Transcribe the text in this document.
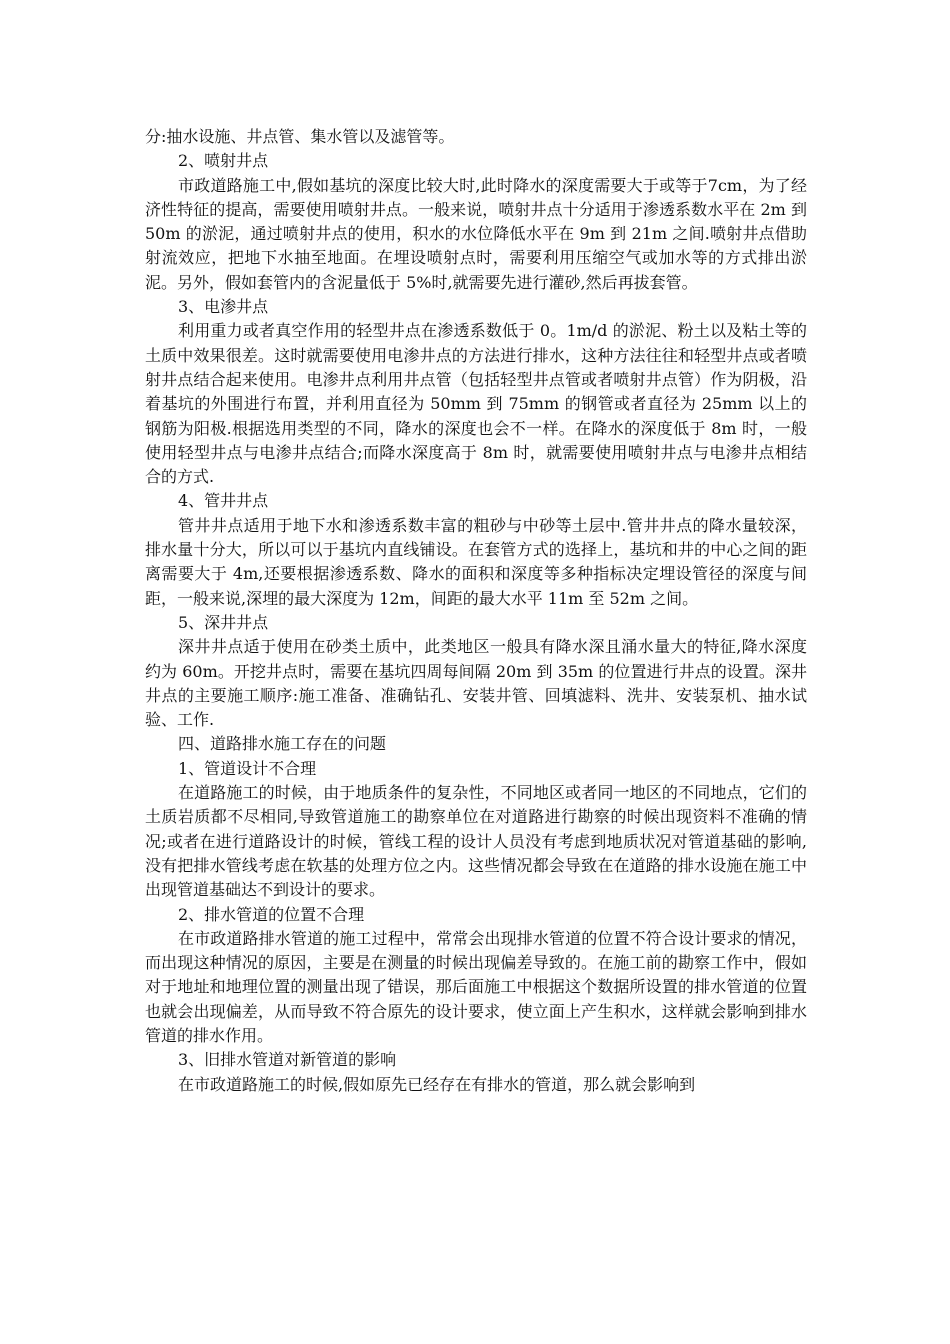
分:抽水设施、井点管、集水管以及滤管等。

2、喷射井点

市政道路施工中,假如基坑的深度比较大时,此时降水的深度需要大于或等于7cm，为了经济性特征的提高，需要使用喷射井点。一般来说，喷射井点十分适用于渗透系数水平在 2m 到 50m 的淤泥，通过喷射井点的使用，积水的水位降低水平在 9m 到 21m 之间.喷射井点借助射流效应，把地下水抽至地面。在埋设喷射点时，需要利用压缩空气或加水等的方式排出淤泥。另外，假如套管内的含泥量低于 5%时,就需要先进行灌砂,然后再拔套管。

3、电渗井点

利用重力或者真空作用的轻型井点在渗透系数低于 0。1m/d 的淤泥、粉土以及粘土等的土质中效果很差。这时就需要使用电渗井点的方法进行排水，这种方法往往和轻型井点或者喷射井点结合起来使用。电渗井点利用井点管（包括轻型井点管或者喷射井点管）作为阴极，沿着基坑的外围进行布置，并利用直径为 50mm 到 75mm 的钢管或者直径为 25mm 以上的钢筋为阳极.根据选用类型的不同，降水的深度也会不一样。在降水的深度低于 8m 时，一般使用轻型井点与电渗井点结合;而降水深度高于 8m 时，就需要使用喷射井点与电渗井点相结合的方式.

4、管井井点

管井井点适用于地下水和渗透系数丰富的粗砂与中砂等土层中.管井井点的降水量较深，排水量十分大，所以可以于基坑内直线铺设。在套管方式的选择上，基坑和井的中心之间的距离需要大于 4m,还要根据渗透系数、降水的面积和深度等多种指标决定埋设管径的深度与间距，一般来说,深埋的最大深度为 12m，间距的最大水平 11m 至 52m 之间。

5、深井井点

深井井点适于使用在砂类土质中，此类地区一般具有降水深且涌水量大的特征,降水深度约为 60m。开挖井点时，需要在基坑四周每间隔 20m 到 35m 的位置进行井点的设置。深井井点的主要施工顺序:施工准备、准确钻孔、安装井管、回填滤料、洗井、安装泵机、抽水试验、工作.

四、道路排水施工存在的问题

1、管道设计不合理

在道路施工的时候，由于地质条件的复杂性，不同地区或者同一地区的不同地点，它们的土质岩质都不尽相同,导致管道施工的勘察单位在对道路进行勘察的时候出现资料不准确的情况;或者在进行道路设计的时候，管线工程的设计人员没有考虑到地质状况对管道基础的影响,没有把排水管线考虑在软基的处理方位之内。这些情况都会导致在在道路的排水设施在施工中出现管道基础达不到设计的要求。

2、排水管道的位置不合理

在市政道路排水管道的施工过程中，常常会出现排水管道的位置不符合设计要求的情况，而出现这种情况的原因，主要是在测量的时候出现偏差导致的。在施工前的勘察工作中，假如对于地址和地理位置的测量出现了错误，那后面施工中根据这个数据所设置的排水管道的位置也就会出现偏差，从而导致不符合原先的设计要求，使立面上产生积水，这样就会影响到排水管道的排水作用。

3、旧排水管道对新管道的影响

在市政道路施工的时候,假如原先已经存在有排水的管道，那么就会影响到
